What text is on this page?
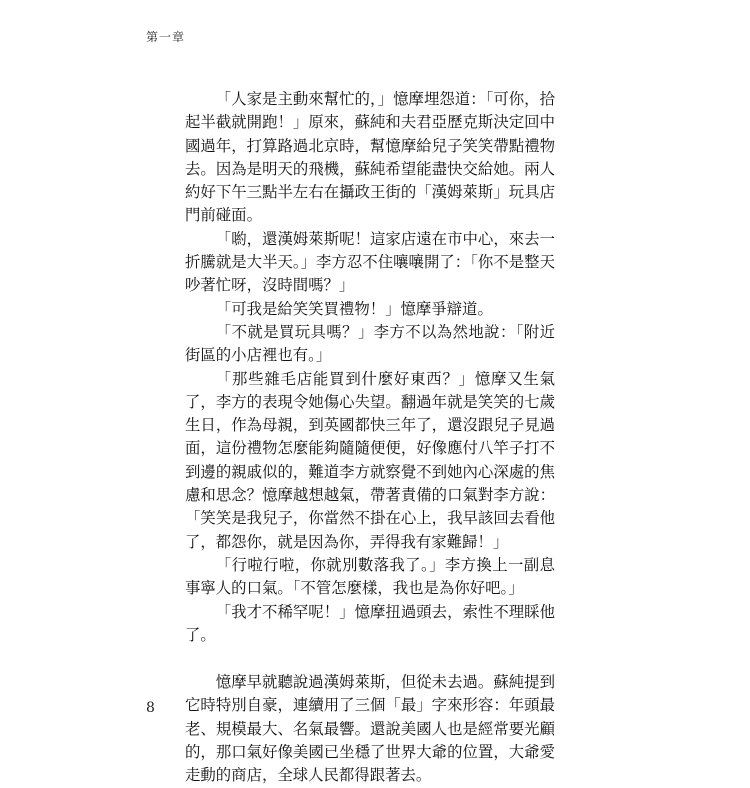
第一章

「人家是主動來幫忙的，」憶摩埋怨道：「可你，拾起半截就開跑！」原來，蘇純和夫君亞歷克斯決定回中國過年，打算路過北京時，幫憶摩給兒子笑笑帶點禮物去。因為是明天的飛機，蘇純希望能盡快交給她。兩人約好下午三點半左右在攝政王街的「漢姆萊斯」玩具店門前碰面。

「喲，還漢姆萊斯呢！這家店遠在市中心，來去一折騰就是大半天。」李方忍不住嚷嚷開了：「你不是整天吵著忙呀，沒時間嗎？」

「可我是給笑笑買禮物！」憶摩爭辯道。

「不就是買玩具嗎？」李方不以為然地說：「附近街區的小店裡也有。」

「那些雜毛店能買到什麼好東西？」憶摩又生氣了，李方的表現令她傷心失望。翻過年就是笑笑的七歲生日，作為母親，到英國都快三年了，還沒跟兒子見過面，這份禮物怎麼能夠隨隨便便，好像應付八竿子打不到邊的親戚似的，難道李方就察覺不到她內心深處的焦慮和思念？憶摩越想越氣，帶著責備的口氣對李方說：「笑笑是我兒子，你當然不掛在心上，我早該回去看他了，都怨你，就是因為你，弄得我有家難歸！」

「行啦行啦，你就別數落我了。」李方換上一副息事寧人的口氣。「不管怎麼樣，我也是為你好吧。」

「我才不稀罕呢！」憶摩扭過頭去，索性不理睬他了。

憶摩早就聽說過漢姆萊斯，但從未去過。蘇純提到它時特別自豪，連續用了三個「最」字來形容：年頭最老、規模最大、名氣最響。還說美國人也是經常要光顧的，那口氣好像美國已坐穩了世界大爺的位置，大爺愛走動的商店，全球人民都得跟著去。

8
